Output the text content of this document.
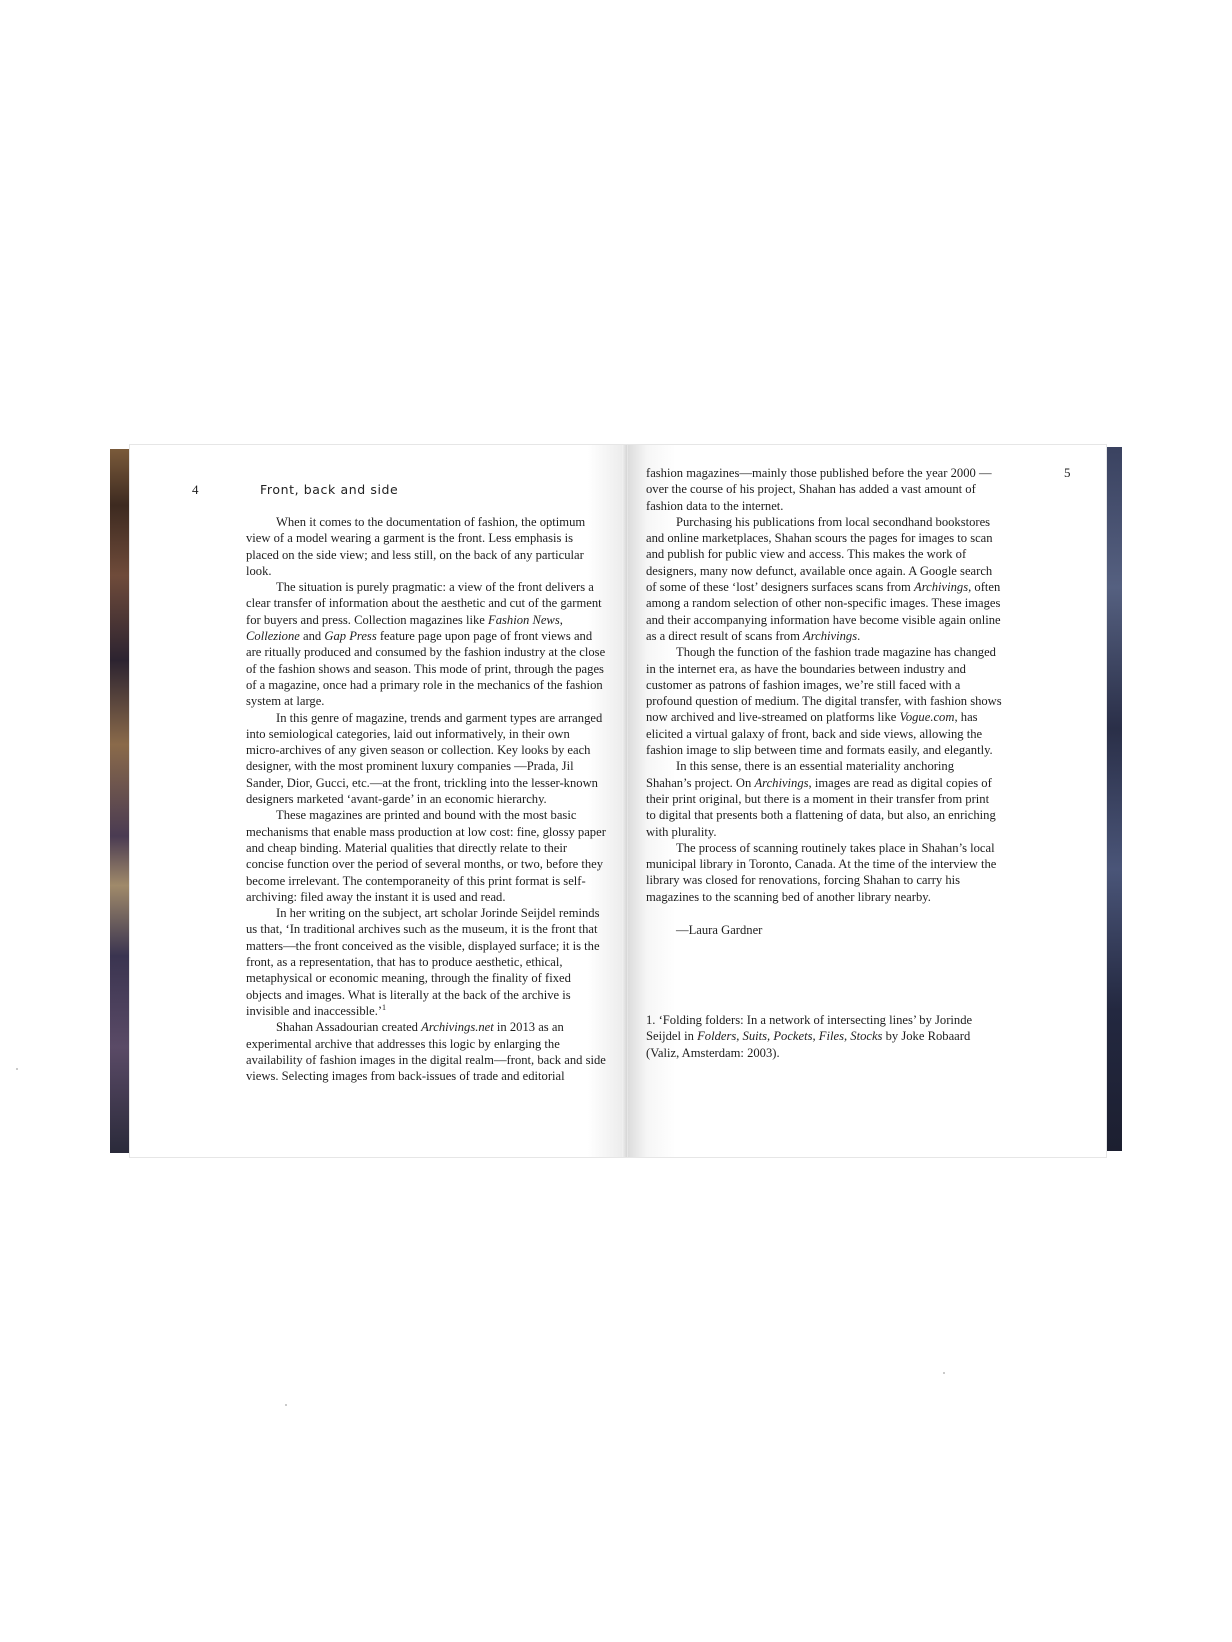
4	Front, back and side

When it comes to the documentation of fashion, the optimum view of a model wearing a garment is the front. Less emphasis is placed on the side view; and less still, on the back of any particular look.

The situation is purely pragmatic: a view of the front delivers a clear transfer of information about the aesthetic and cut of the garment for buyers and press. Collection magazines like Fashion News, Collezione and Gap Press feature page upon page of front views and are ritually produced and consumed by the fashion industry at the close of the fashion shows and season. This mode of print, through the pages of a magazine, once had a primary role in the mechanics of the fashion system at large.

In this genre of magazine, trends and garment types are arranged into semiological categories, laid out informatively, in their own micro-archives of any given season or collection. Key looks by each designer, with the most prominent luxury companies —Prada, Jil Sander, Dior, Gucci, etc.—at the front, trickling into the lesser-known designers marketed ‘avant-garde’ in an economic hierarchy.

These magazines are printed and bound with the most basic mechanisms that enable mass production at low cost: fine, glossy paper and cheap binding. Material qualities that directly relate to their concise function over the period of several months, or two, before they become irrelevant. The contemporaneity of this print format is self-archiving: filed away the instant it is used and read.

In her writing on the subject, art scholar Jorinde Seijdel reminds us that, ‘In traditional archives such as the museum, it is the front that matters—the front conceived as the visible, displayed surface; it is the front, as a representation, that has to produce aesthetic, ethical, metaphysical or economic meaning, through the finality of fixed objects and images. What is literally at the back of the archive is invisible and inaccessible.’$^1$

Shahan Assadourian created Archivings.net in 2013 as an experimental archive that addresses this logic by enlarging the availability of fashion images in the digital realm—front, back and side views. Selecting images from back-issues of trade and editorial

5

fashion magazines—mainly those published before the year 2000 —over the course of his project, Shahan has added a vast amount of fashion data to the internet.

Purchasing his publications from local secondhand bookstores and online marketplaces, Shahan scours the pages for images to scan and publish for public view and access. This makes the work of designers, many now defunct, available once again. A Google search of some of these ‘lost’ designers surfaces scans from Archivings, often among a random selection of other non-specific images. These images and their accompanying information have become visible again online as a direct result of scans from Archivings.

Though the function of the fashion trade magazine has changed in the internet era, as have the boundaries between industry and customer as patrons of fashion images, we’re still faced with a profound question of medium. The digital transfer, with fashion shows now archived and live-streamed on platforms like Vogue.com, has elicited a virtual galaxy of front, back and side views, allowing the fashion image to slip between time and formats easily, and elegantly.

In this sense, there is an essential materiality anchoring Shahan’s project. On Archivings, images are read as digital copies of their print original, but there is a moment in their transfer from print to digital that presents both a flattening of data, but also, an enriching with plurality.

The process of scanning routinely takes place in Shahan’s local municipal library in Toronto, Canada. At the time of the interview the library was closed for renovations, forcing Shahan to carry his magazines to the scanning bed of another library nearby.

—Laura Gardner

1. ‘Folding folders: In a network of intersecting lines’ by Jorinde Seijdel in Folders, Suits, Pockets, Files, Stocks by Joke Robaard (Valiz, Amsterdam: 2003).
